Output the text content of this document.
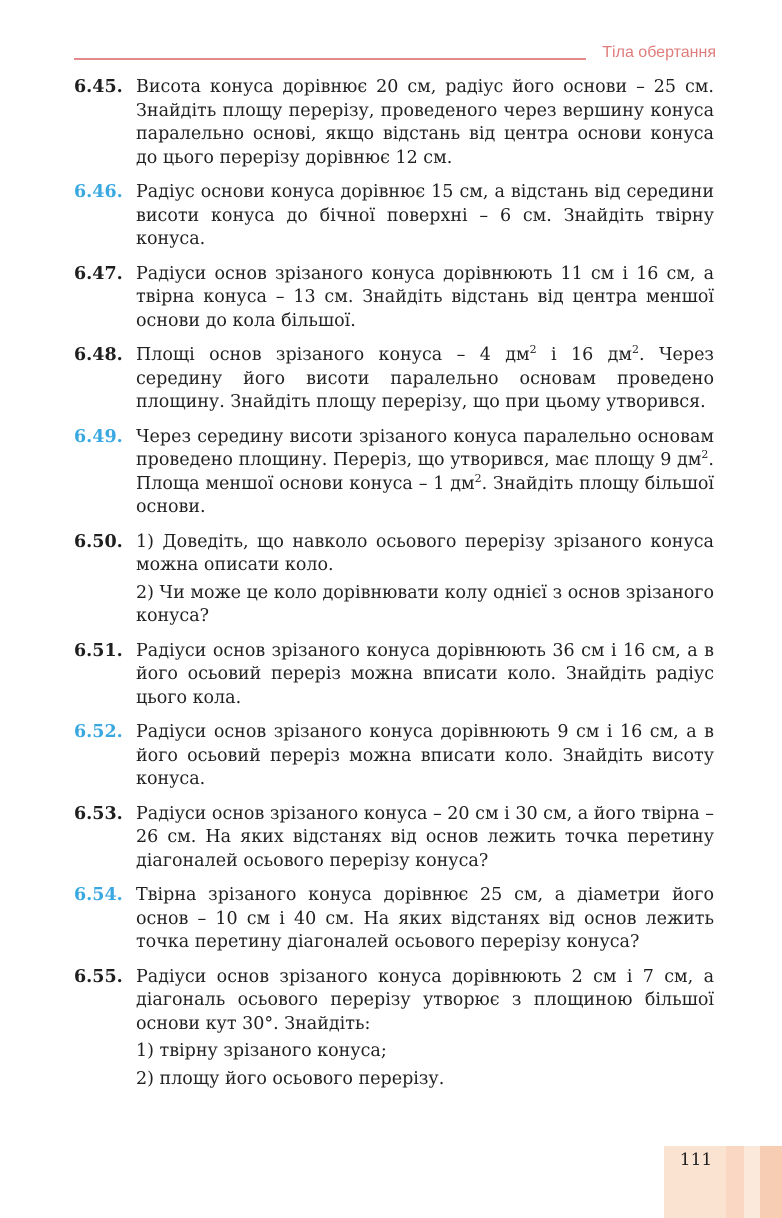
Тіла обертання
6.45. Висота конуса дорівнює 20 см, радіус його основи – 25 см. Знайдіть площу перерізу, проведеного через вершину конуса паралельно основі, якщо відстань від центра основи конуса до цього перерізу дорівнює 12 см.

6.46. Радіус основи конуса дорівнює 15 см, а відстань від середини висоти конуса до бічної поверхні – 6 см. Знайдіть твірну конуса.

6.47. Радіуси основ зрізаного конуса дорівнюють 11 см і 16 см, а твірна конуса – 13 см. Знайдіть відстань від центра меншої основи до кола більшої.

6.48. Площі основ зрізаного конуса – 4 $дм^2$ і 16 $дм^2$. Через середину його висоти паралельно основам проведено площину. Знайдіть площу перерізу, що при цьому утворився.

6.49. Через середину висоти зрізаного конуса паралельно основам проведено площину. Переріз, що утворився, має площу 9 $дм^2$. Площа меншої основи конуса – 1 $дм^2$. Знайдіть площу більшої основи.

6.50. 1) Доведіть, що навколо осьового перерізу зрізаного конуса можна описати коло.

2) Чи може це коло дорівнювати колу однієї з основ зрізаного конуса?

6.51. Радіуси основ зрізаного конуса дорівнюють 36 см і 16 см, а в його осьовий переріз можна вписати коло. Знайдіть радіус цього кола.

6.52. Радіуси основ зрізаного конуса дорівнюють 9 см і 16 см, а в його осьовий переріз можна вписати коло. Знайдіть висоту конуса.

6.53. Радіуси основ зрізаного конуса – 20 см і 30 см, а його твірна – 26 см. На яких відстанях від основ лежить точка перетину діагоналей осьового перерізу конуса?

6.54. Твірна зрізаного конуса дорівнює 25 см, а діаметри його основ – 10 см і 40 см. На яких відстанях від основ лежить точка перетину діагоналей осьового перерізу конуса?

6.55. Радіуси основ зрізаного конуса дорівнюють 2 см і 7 см, а діагональ осьового перерізу утворює з площиною більшої основи кут 30°. Знайдіть:

1) твірну зрізаного конуса;

2) площу його осьового перерізу.

111
